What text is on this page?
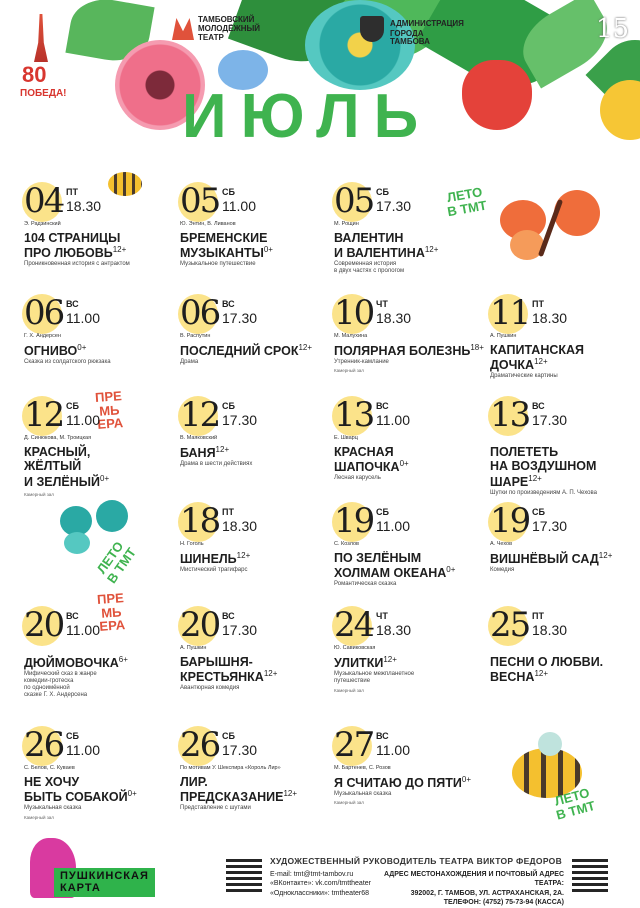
80
ПОБЕДА!
ТАМБОВСКИЙ
МОЛОДЁЖНЫЙ
ТЕАТР
АДМИНИСТРАЦИЯ
ГОРОДА ТАМБОВА	15
ИЮЛЬ
ЛЕТО
В ТМТ
ЛЕТО
В ТМТ
ЛЕТО
В ТМТ
ПРЕ
МЬ
ЕРА
ПРЕ
МЬ
ЕРА
04 ПТ
18.30
Э. Радзинский
104 СТРАНИЦЫ
ПРО $ЛЮБОВЬ^{12+}$
Проникновенная история с антрактом
05 СБ
11.00
Ю. Энтин, В. Ливанов
БРЕМЕНСКИЕ
$МУЗЫКАНТЫ^{0+}$
Музыкальное путешествие
05 СБ
17.30
М. Рощин
ВАЛЕНТИН
И $ВАЛЕНТИНА^{12+}$
Современная история
в двух частях с прологом
06 ВС
11.00
Г. Х. Андерсен
$ОГНИВО^{0+}$
Сказка из солдатского рюкзака
06 ВС
17.30
В. Распутин
ПОСЛЕДНИЙ $СРОК^{12+}$
Драма
10 ЧТ
18.30
М. Малухина
ПОЛЯРНАЯ $БОЛЕЗНЬ^{18+}$
Утренник-камлание
Камерный зал
11 ПТ
18.30
А. Пушкин
КАПИТАНСКАЯ
$ДОЧКА^{12+}$
Драматические картины
12 СБ
11.00
Д. Синюкова, М. Троицкая
КРАСНЫЙ,
ЖЁЛТЫЙ
И $ЗЕЛЁНЫЙ^{0+}$
Камерный зал
12 СБ
17.30
В. Маяковский
$БАНЯ^{12+}$
Драма в шести действиях
13 ВС
11.00
Е. Шварц
КРАСНАЯ
$ШАПОЧКА^{0+}$
Лесная карусель
13 ВС
17.30
ПОЛЕТЕТЬ
НА ВОЗДУШНОМ
$ШАРЕ^{12+}$
Шутки по произведениям А. П. Чехова
18 ПТ
18.30
Н. Гоголь
$ШИНЕЛЬ^{12+}$
Мистический трагифарс
19 СБ
11.00
С. Козлов
ПО ЗЕЛЁНЫМ
ХОЛМАМ $ОКЕАНА^{0+}$
Романтическая сказка
19 СБ
17.30
А. Чехов
ВИШНЁВЫЙ $САД^{12+}$
Комедия
20 ВС
11.00
$ДЮЙМОВОЧКА^{6+}$
Мифический сказ в жанре
комедии-гротеска
по одноимённой
сказке Г. Х. Андерсена
20 ВС
17.30
А. Пушкин
БАРЫШНЯ-
$КРЕСТЬЯНКА^{12+}$
Авантюрная комедия
24 ЧТ
18.30
Ю. Савиковская
$УЛИТКИ^{12+}$
Музыкальное межпланетное
путешествие
Камерный зал
25 ПТ
18.30
ПЕСНИ О ЛЮБВИ.
$ВЕСНА^{12+}$
26 СБ
11.00
С. Белов, С. Кувaев
НЕ ХОЧУ
БЫТЬ $СОБАКОЙ^{0+}$
Музыкальная сказка
Камерный зал
26 СБ
17.30
По мотивам У. Шекспира «Король Лир»
ЛИР.
$ПРЕДСКАЗАНИЕ^{12+}$
Представление с шутами
27 ВС
11.00
М. Бартенев, С. Розов
Я СЧИТАЮ ДО $ПЯТИ^{0+}$
Музыкальная сказка
Камерный зал
ПУШКИНСКАЯ
КАРТА
ХУДОЖЕСТВЕННЫЙ РУКОВОДИТЕЛЬ ТЕАТРА ВИКТОР ФЕДОРОВ
E-mail: tmt@tmt-tambov.ru
«ВКонтакте»: vk.com/tmttheater
«Одноклассники»: tmtheater68
АДРЕС МЕСТОНАХОЖДЕНИЯ И ПОЧТОВЫЙ АДРЕС ТЕАТРА:
392002, Г. ТАМБОВ, УЛ. АСТРАХАНСКАЯ, 2А.
ТЕЛЕФОН: (4752) 75-73-94 (КАССА)
